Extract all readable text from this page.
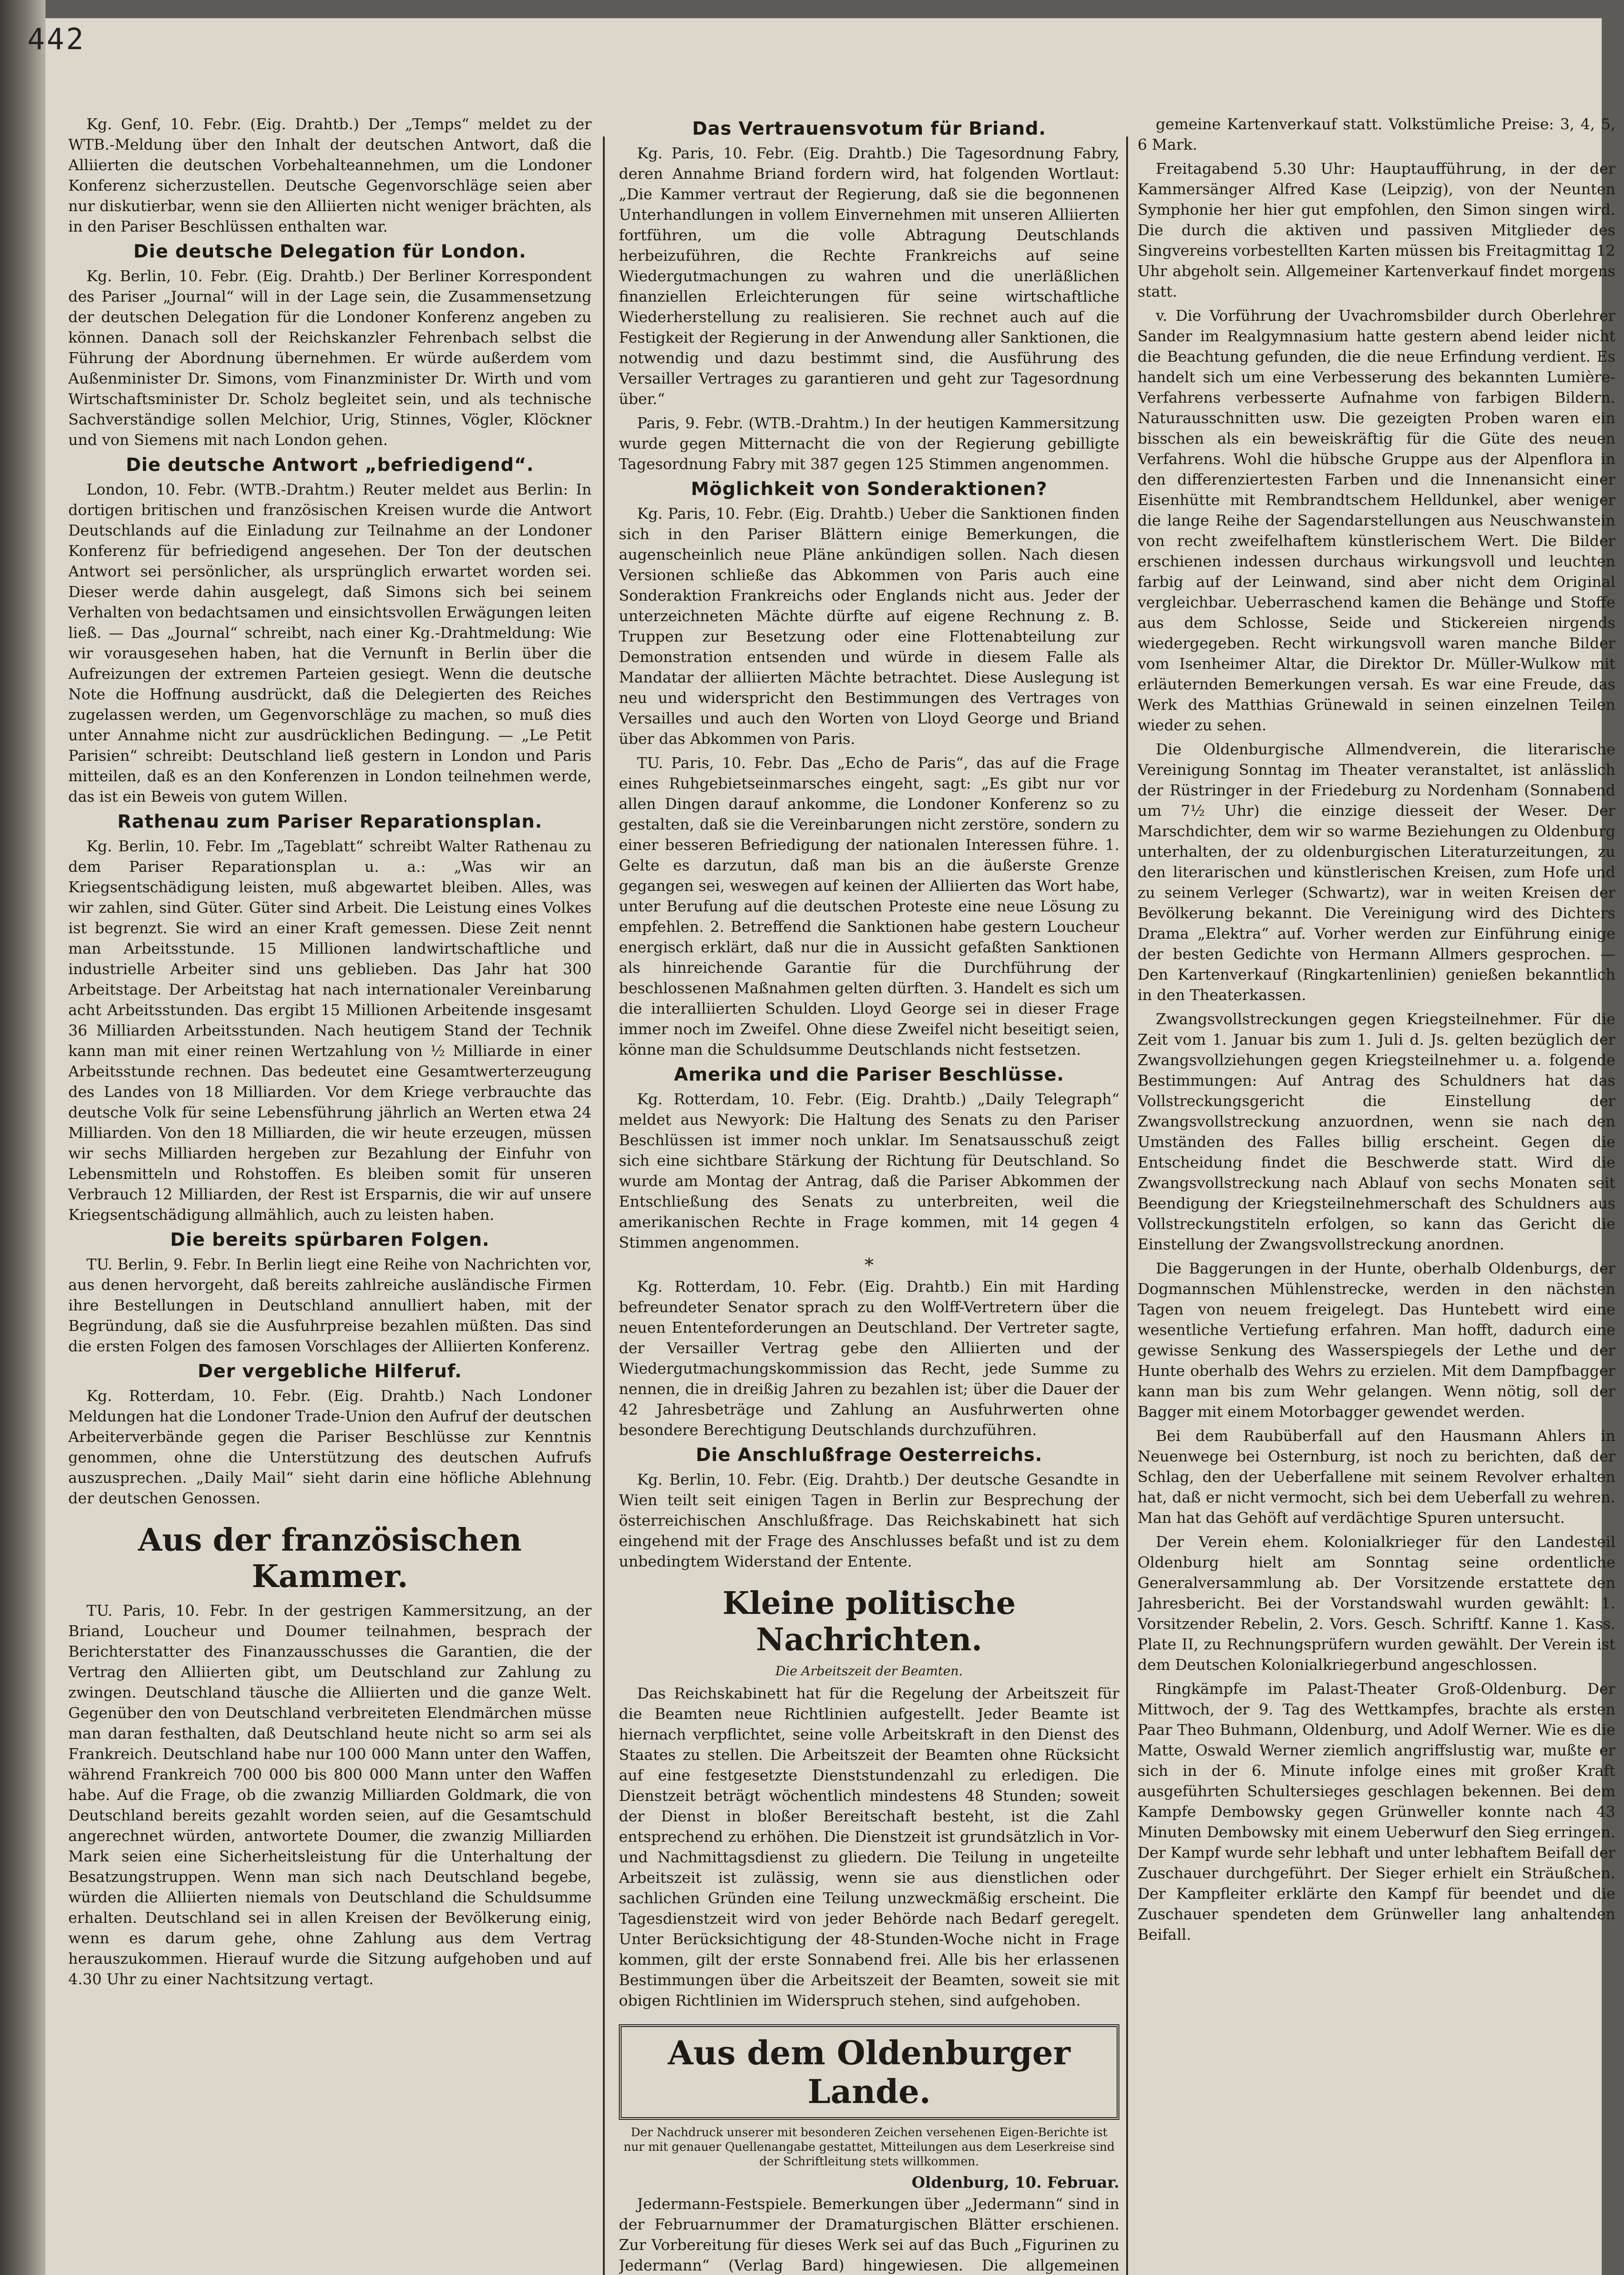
442

Kg. Genf, 10. Febr. (Eig. Drahtb.) Der „Temps“ meldet zu der WTB.-Meldung über den Inhalt der deutschen Antwort, daß die Alliierten die deutschen Vorbehalteannehmen, um die Londoner Konferenz sicherzustellen. Deutsche Gegenvorschläge seien aber nur diskutierbar, wenn sie den Alliierten nicht weniger brächten, als in den Pariser Beschlüssen enthalten war.

Die deutsche Delegation für London.

Kg. Berlin, 10. Febr. (Eig. Drahtb.) Der Berliner Korrespondent des Pariser „Journal“ will in der Lage sein, die Zusammensetzung der deutschen Delegation für die Londoner Konferenz angeben zu können. Danach soll der Reichskanzler Fehrenbach selbst die Führung der Abordnung übernehmen. Er würde außerdem vom Außenminister Dr. Simons, vom Finanzminister Dr. Wirth und vom Wirtschaftsminister Dr. Scholz begleitet sein, und als technische Sachverständige sollen Melchior, Urig, Stinnes, Vögler, Klöckner und von Siemens mit nach London gehen.

Die deutsche Antwort „befriedigend“.

London, 10. Febr. (WTB.-Drahtm.) Reuter meldet aus Berlin: In dortigen britischen und französischen Kreisen wurde die Antwort Deutschlands auf die Einladung zur Teilnahme an der Londoner Konferenz für befriedigend angesehen. Der Ton der deutschen Antwort sei persönlicher, als ursprünglich erwartet worden sei. Dieser werde dahin ausgelegt, daß Simons sich bei seinem Verhalten von bedachtsamen und einsichtsvollen Erwägungen leiten ließ. — Das „Journal“ schreibt, nach einer Kg.-Drahtmeldung: Wie wir vorausgesehen haben, hat die Vernunft in Berlin über die Aufreizungen der extremen Parteien gesiegt. Wenn die deutsche Note die Hoffnung ausdrückt, daß die Delegierten des Reiches zugelassen werden, um Gegenvorschläge zu machen, so muß dies unter Annahme nicht zur ausdrücklichen Bedingung. — „Le Petit Parisien“ schreibt: Deutschland ließ gestern in London und Paris mitteilen, daß es an den Konferenzen in London teilnehmen werde, das ist ein Beweis von gutem Willen.

Rathenau zum Pariser Reparationsplan.

Kg. Berlin, 10. Febr. Im „Tageblatt“ schreibt Walter Rathenau zu dem Pariser Reparationsplan u. a.: „Was wir an Kriegsentschädigung leisten, muß abgewartet bleiben. Alles, was wir zahlen, sind Güter. Güter sind Arbeit. Die Leistung eines Volkes ist begrenzt. Sie wird an einer Kraft gemessen. Diese Zeit nennt man Arbeitsstunde. 15 Millionen landwirtschaftliche und industrielle Arbeiter sind uns geblieben. Das Jahr hat 300 Arbeitstage. Der Arbeitstag hat nach internationaler Vereinbarung acht Arbeitsstunden. Das ergibt 15 Millionen Arbeitende insgesamt 36 Milliarden Arbeitsstunden. Nach heutigem Stand der Technik kann man mit einer reinen Wertzahlung von ½ Milliarde in einer Arbeitsstunde rechnen. Das bedeutet eine Gesamtwerterzeugung des Landes von 18 Milliarden. Vor dem Kriege verbrauchte das deutsche Volk für seine Lebensführung jährlich an Werten etwa 24 Milliarden. Von den 18 Milliarden, die wir heute erzeugen, müssen wir sechs Milliarden hergeben zur Bezahlung der Einfuhr von Lebensmitteln und Rohstoffen. Es bleiben somit für unseren Verbrauch 12 Milliarden, der Rest ist Ersparnis, die wir auf unsere Kriegsentschädigung allmählich, auch zu leisten haben.

Die bereits spürbaren Folgen.

TU. Berlin, 9. Febr. In Berlin liegt eine Reihe von Nachrichten vor, aus denen hervorgeht, daß bereits zahlreiche ausländische Firmen ihre Bestellungen in Deutschland annulliert haben, mit der Begründung, daß sie die Ausfuhrpreise bezahlen müßten. Das sind die ersten Folgen des famosen Vorschlages der Alliierten Konferenz.

Der vergebliche Hilferuf.

Kg. Rotterdam, 10. Febr. (Eig. Drahtb.) Nach Londoner Meldungen hat die Londoner Trade-Union den Aufruf der deutschen Arbeiterverbände gegen die Pariser Beschlüsse zur Kenntnis genommen, ohne die Unterstützung des deutschen Aufrufs auszusprechen. „Daily Mail“ sieht darin eine höfliche Ablehnung der deutschen Genossen.

Aus der französischen Kammer.

TU. Paris, 10. Febr. In der gestrigen Kammersitzung, an der Briand, Loucheur und Doumer teilnahmen, besprach der Berichterstatter des Finanzausschusses die Garantien, die der Vertrag den Alliierten gibt, um Deutschland zur Zahlung zu zwingen. Deutschland täusche die Alliierten und die ganze Welt. Gegenüber den von Deutschland verbreiteten Elendmärchen müsse man daran festhalten, daß Deutschland heute nicht so arm sei als Frankreich. Deutschland habe nur 100 000 Mann unter den Waffen, während Frankreich 700 000 bis 800 000 Mann unter den Waffen habe. Auf die Frage, ob die zwanzig Milliarden Goldmark, die von Deutschland bereits gezahlt worden seien, auf die Gesamtschuld angerechnet würden, antwortete Doumer, die zwanzig Milliarden Mark seien eine Sicherheitsleistung für die Unterhaltung der Besatzungstruppen. Wenn man sich nach Deutschland begebe, würden die Alliierten niemals von Deutschland die Schuldsumme erhalten. Deutschland sei in allen Kreisen der Bevölkerung einig, wenn es darum gehe, ohne Zahlung aus dem Vertrag herauszukommen. Hierauf wurde die Sitzung aufgehoben und auf 4.30 Uhr zu einer Nachtsitzung vertagt.

Das Vertrauensvotum für Briand.

Kg. Paris, 10. Febr. (Eig. Drahtb.) Die Tagesordnung Fabry, deren Annahme Briand fordern wird, hat folgenden Wortlaut: „Die Kammer vertraut der Regierung, daß sie die begonnenen Unterhandlungen in vollem Einvernehmen mit unseren Alliierten fortführen, um die volle Abtragung Deutschlands herbeizuführen, die Rechte Frankreichs auf seine Wiedergutmachungen zu wahren und die unerläßlichen finanziellen Erleichterungen für seine wirtschaftliche Wiederherstellung zu realisieren. Sie rechnet auch auf die Festigkeit der Regierung in der Anwendung aller Sanktionen, die notwendig und dazu bestimmt sind, die Ausführung des Versailler Vertrages zu garantieren und geht zur Tagesordnung über.“

Paris, 9. Febr. (WTB.-Drahtm.) In der heutigen Kammersitzung wurde gegen Mitternacht die von der Regierung gebilligte Tagesordnung Fabry mit 387 gegen 125 Stimmen angenommen.

Möglichkeit von Sonderaktionen?

Kg. Paris, 10. Febr. (Eig. Drahtb.) Ueber die Sanktionen finden sich in den Pariser Blättern einige Bemerkungen, die augenscheinlich neue Pläne ankündigen sollen. Nach diesen Versionen schließe das Abkommen von Paris auch eine Sonderaktion Frankreichs oder Englands nicht aus. Jeder der unterzeichneten Mächte dürfte auf eigene Rechnung z. B. Truppen zur Besetzung oder eine Flottenabteilung zur Demonstration entsenden und würde in diesem Falle als Mandatar der alliierten Mächte betrachtet. Diese Auslegung ist neu und widerspricht den Bestimmungen des Vertrages von Versailles und auch den Worten von Lloyd George und Briand über das Abkommen von Paris.

TU. Paris, 10. Febr. Das „Echo de Paris“, das auf die Frage eines Ruhgebietseinmarsches eingeht, sagt: „Es gibt nur vor allen Dingen darauf ankomme, die Londoner Konferenz so zu gestalten, daß sie die Vereinbarungen nicht zerstöre, sondern zu einer besseren Befriedigung der nationalen Interessen führe. 1. Gelte es darzutun, daß man bis an die äußerste Grenze gegangen sei, weswegen auf keinen der Alliierten das Wort habe, unter Berufung auf die deutschen Proteste eine neue Lösung zu empfehlen. 2. Betreffend die Sanktionen habe gestern Loucheur energisch erklärt, daß nur die in Aussicht gefaßten Sanktionen als hinreichende Garantie für die Durchführung der beschlossenen Maßnahmen gelten dürften. 3. Handelt es sich um die interalliierten Schulden. Lloyd George sei in dieser Frage immer noch im Zweifel. Ohne diese Zweifel nicht beseitigt seien, könne man die Schuldsumme Deutschlands nicht festsetzen.

Amerika und die Pariser Beschlüsse.

Kg. Rotterdam, 10. Febr. (Eig. Drahtb.) „Daily Telegraph“ meldet aus Newyork: Die Haltung des Senats zu den Pariser Beschlüssen ist immer noch unklar. Im Senatsausschuß zeigt sich eine sichtbare Stärkung der Richtung für Deutschland. So wurde am Montag der Antrag, daß die Pariser Abkommen der Entschließung des Senats zu unterbreiten, weil die amerikanischen Rechte in Frage kommen, mit 14 gegen 4 Stimmen angenommen.

*

Kg. Rotterdam, 10. Febr. (Eig. Drahtb.) Ein mit Harding befreundeter Senator sprach zu den Wolff-Vertretern über die neuen Ententeforderungen an Deutschland. Der Vertreter sagte, der Versailler Vertrag gebe den Alliierten und der Wiedergutmachungskommission das Recht, jede Summe zu nennen, die in dreißig Jahren zu bezahlen ist; über die Dauer der 42 Jahresbeträge und Zahlung an Ausfuhrwerten ohne besondere Berechtigung Deutschlands durchzuführen.

Die Anschlußfrage Oesterreichs.

Kg. Berlin, 10. Febr. (Eig. Drahtb.) Der deutsche Gesandte in Wien teilt seit einigen Tagen in Berlin zur Besprechung der österreichischen Anschlußfrage. Das Reichskabinett hat sich eingehend mit der Frage des Anschlusses befaßt und ist zu dem unbedingtem Widerstand der Entente.

Kleine politische Nachrichten.
Die Arbeitszeit der Beamten.

Das Reichskabinett hat für die Regelung der Arbeitszeit für die Beamten neue Richtlinien aufgestellt. Jeder Beamte ist hiernach verpflichtet, seine volle Arbeitskraft in den Dienst des Staates zu stellen. Die Arbeitszeit der Beamten ohne Rücksicht auf eine festgesetzte Dienststundenzahl zu erledigen. Die Dienstzeit beträgt wöchentlich mindestens 48 Stunden; soweit der Dienst in bloßer Bereitschaft besteht, ist die Zahl entsprechend zu erhöhen. Die Dienstzeit ist grundsätzlich in Vor- und Nachmittagsdienst zu gliedern. Die Teilung in ungeteilte Arbeitszeit ist zulässig, wenn sie aus dienstlichen oder sachlichen Gründen eine Teilung unzweckmäßig erscheint. Die Tagesdienstzeit wird von jeder Behörde nach Bedarf geregelt. Unter Berücksichtigung der 48-Stunden-Woche nicht in Frage kommen, gilt der erste Sonnabend frei. Alle bis her erlassenen Bestimmungen über die Arbeitszeit der Beamten, soweit sie mit obigen Richtlinien im Widerspruch stehen, sind aufgehoben.

Aus dem Oldenburger Lande.
Der Nachdruck unserer mit besonderen Zeichen versehenen Eigen-Berichte ist nur mit genauer Quellenangabe gestattet, Mitteilungen aus dem Leserkreise sind der Schriftleitung stets willkommen.
Oldenburg, 10. Februar.

Jedermann-Festspiele. Bemerkungen über „Jedermann“ sind in der Februarnummer der Dramaturgischen Blätter erschienen. Zur Vorbereitung für dieses Werk sei auf das Buch „Figurinen zu Jedermann“ (Verlag Bard) hingewiesen. Die allgemeinen

gemeine Kartenverkauf statt. Volkstümliche Preise: 3, 4, 5, 6 Mark.

Freitagabend 5.30 Uhr: Hauptaufführung, in der der Kammersänger Alfred Kase (Leipzig), von der Neunten Symphonie her hier gut empfohlen, den Simon singen wird. Die durch die aktiven und passiven Mitglieder des Singvereins vorbestellten Karten müssen bis Freitagmittag 12 Uhr abgeholt sein. Allgemeiner Kartenverkauf findet morgens statt.

v. Die Vorführung der Uvachromsbilder durch Oberlehrer Sander im Realgymnasium hatte gestern abend leider nicht die Beachtung gefunden, die die neue Erfindung verdient. Es handelt sich um eine Verbesserung des bekannten Lumière-Verfahrens verbesserte Aufnahme von farbigen Bildern. Naturausschnitten usw. Die gezeigten Proben waren ein bisschen als ein beweiskräftig für die Güte des neuen Verfahrens. Wohl die hübsche Gruppe aus der Alpenflora in den differenziertesten Farben und die Innenansicht einer Eisenhütte mit Rembrandtschem Helldunkel, aber weniger die lange Reihe der Sagendarstellungen aus Neuschwanstein von recht zweifelhaftem künstlerischem Wert. Die Bilder erschienen indessen durchaus wirkungsvoll und leuchten farbig auf der Leinwand, sind aber nicht dem Original vergleichbar. Ueberraschend kamen die Behänge und Stoffe aus dem Schlosse, Seide und Stickereien nirgends wiedergegeben. Recht wirkungsvoll waren manche Bilder vom Isenheimer Altar, die Direktor Dr. Müller-Wulkow mit erläuternden Bemerkungen versah. Es war eine Freude, das Werk des Matthias Grünewald in seinen einzelnen Teilen wieder zu sehen.

Die Oldenburgische Allmendverein, die literarische Vereinigung Sonntag im Theater veranstaltet, ist anlässlich der Rüstringer in der Friedeburg zu Nordenham (Sonnabend um 7½ Uhr) die einzige diesseit der Weser. Der Marschdichter, dem wir so warme Beziehungen zu Oldenburg unterhalten, der zu oldenburgischen Literaturzeitungen, zu den literarischen und künstlerischen Kreisen, zum Hofe und zu seinem Verleger (Schwartz), war in weiten Kreisen der Bevölkerung bekannt. Die Vereinigung wird des Dichters Drama „Elektra“ auf. Vorher werden zur Einführung einige der besten Gedichte von Hermann Allmers gesprochen. — Den Kartenverkauf (Ringkartenlinien) genießen bekanntlich in den Theaterkassen.

Zwangsvollstreckungen gegen Kriegsteilnehmer. Für die Zeit vom 1. Januar bis zum 1. Juli d. Js. gelten bezüglich der Zwangsvollziehungen gegen Kriegsteilnehmer u. a. folgende Bestimmungen: Auf Antrag des Schuldners hat das Vollstreckungsgericht die Einstellung der Zwangsvollstreckung anzuordnen, wenn sie nach den Umständen des Falles billig erscheint. Gegen die Entscheidung findet die Beschwerde statt. Wird die Zwangsvollstreckung nach Ablauf von sechs Monaten seit Beendigung der Kriegsteilnehmerschaft des Schuldners aus Vollstreckungstiteln erfolgen, so kann das Gericht die Einstellung der Zwangsvollstreckung anordnen.

Die Baggerungen in der Hunte, oberhalb Oldenburgs, der Dogmannschen Mühlenstrecke, werden in den nächsten Tagen von neuem freigelegt. Das Huntebett wird eine wesentliche Vertiefung erfahren. Man hofft, dadurch eine gewisse Senkung des Wasserspiegels der Lethe und der Hunte oberhalb des Wehrs zu erzielen. Mit dem Dampfbagger kann man bis zum Wehr gelangen. Wenn nötig, soll der Bagger mit einem Motorbagger gewendet werden.

Bei dem Raubüberfall auf den Hausmann Ahlers in Neuenwege bei Osternburg, ist noch zu berichten, daß der Schlag, den der Ueberfallene mit seinem Revolver erhalten hat, daß er nicht vermocht, sich bei dem Ueberfall zu wehren. Man hat das Gehöft auf verdächtige Spuren untersucht.

Der Verein ehem. Kolonialkrieger für den Landesteil Oldenburg hielt am Sonntag seine ordentliche Generalversammlung ab. Der Vorsitzende erstattete den Jahresbericht. Bei der Vorstandswahl wurden gewählt: 1. Vorsitzender Rebelin, 2. Vors. Gesch. Schriftf. Kanne 1. Kass. Plate II, zu Rechnungsprüfern wurden gewählt. Der Verein ist dem Deutschen Kolonialkriegerbund angeschlossen.

Ringkämpfe im Palast-Theater Groß-Oldenburg. Der Mittwoch, der 9. Tag des Wettkampfes, brachte als ersten Paar Theo Buhmann, Oldenburg, und Adolf Werner. Wie es die Matte, Oswald Werner ziemlich angriffslustig war, mußte er sich in der 6. Minute infolge eines mit großer Kraft ausgeführten Schultersieges geschlagen bekennen. Bei dem Kampfe Dembowsky gegen Grünweller konnte nach 43 Minuten Dembowsky mit einem Ueberwurf den Sieg erringen. Der Kampf wurde sehr lebhaft und unter lebhaftem Beifall der Zuschauer durchgeführt. Der Sieger erhielt ein Sträußchen. Der Kampfleiter erklärte den Kampf für beendet und die Zuschauer spendeten dem Grünweller lang anhaltenden Beifall.
